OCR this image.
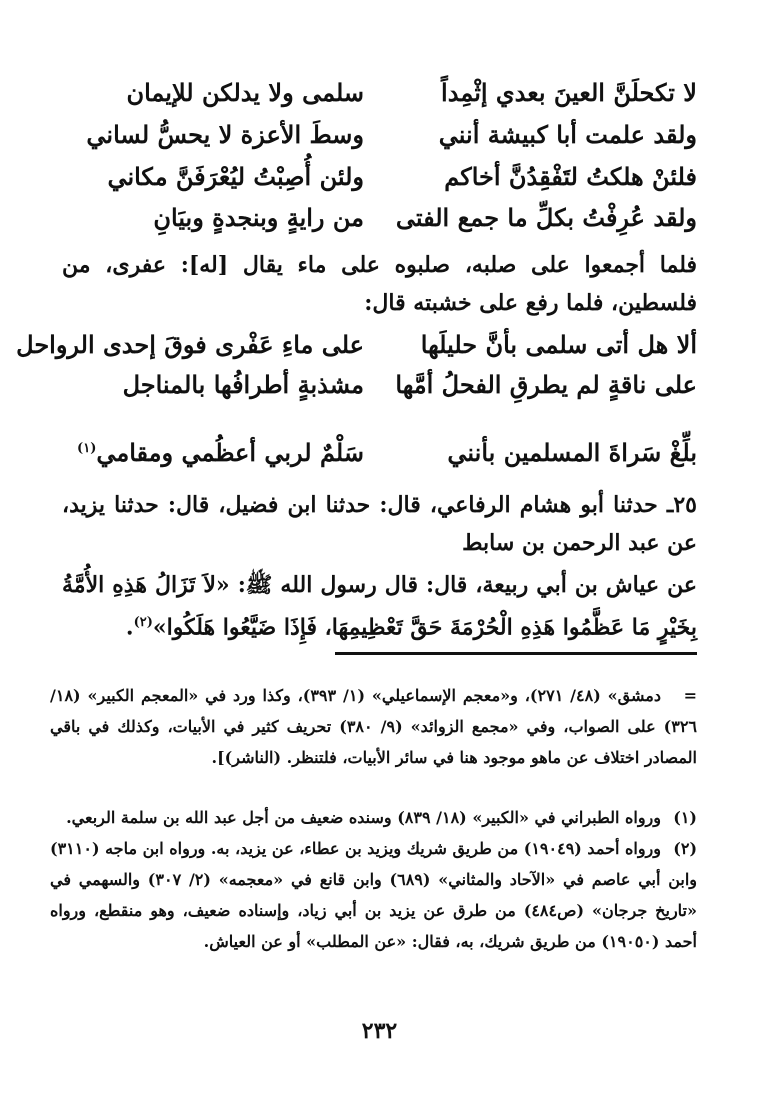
لا تكحلَنَّ العينَ بعدي إثْمِداً
سلمى ولا يدلكن للإيمان
ولقد علمت أبا كبيشة أنني
وسطَ الأعزة لا يحسُّ لساني
فلئنْ هلكتُ لتَفْقِدُنَّ أخاكم
ولئن أُصِبْتُ ليُعْرَفَنَّ مكاني
ولقد عُرِفْتُ بكلِّ ما جمع الفتى
من رايةٍ وبنجدةٍ وبيَانِ
فلما أجمعوا على صلبه، صلبوه على ماء يقال [له]: عفرى، من فلسطين، فلما رفع على خشبته قال:
ألا هل أتى سلمى بأنَّ حليلَها
على ماءِ عَفْرى فوقَ إحدى الرواحل
على ناقةٍ لم يطرقِ الفحلُ أمَّها
مشذبةٍ أطرافُها بالمناجل
بلِّغْ سَراةَ المسلمين بأنني
سَلْمٌ لربي أعظُمي ومقامي$^{(١)}$
٢٥ـ حدثنا أبو هشام الرفاعي، قال: حدثنا ابن فضيل، قال: حدثنا يزيد، عن عبد الرحمن بن سابط
عن عياش بن أبي ربيعة، قال: قال رسول الله ﷺ: «لاَ تَزَالُ هَذِهِ الأُمَّةُ بِخَيْرٍ مَا عَظَّمُوا هَذِهِ الْحُرْمَةَ حَقَّ تَعْظِيمِهَا، فَإِذَا ضَيَّعُوا هَلَكُوا»$^{(٢)}$.
=دمشق» (٤٨/ ٢٧١)، و«معجم الإسماعيلي» (١/ ٣٩٣)، وكذا ورد في «المعجم الكبير» (١٨/ ٣٢٦) على الصواب، وفي «مجمع الزوائد» (٩/ ٣٨٠) تحريف كثير في الأبيات، وكذلك في باقي المصادر اختلاف عن ماهو موجود هنا في سائر الأبيات، فلتنظر. (الناشر)].
(١)ورواه الطبراني في «الكبير» (١٨/ ٨٣٩) وسنده ضعيف من أجل عبد الله بن سلمة الربعي.
(٢)ورواه أحمد (١٩٠٤٩) من طريق شريك ويزيد بن عطاء، عن يزيد، به. ورواه ابن ماجه (٣١١٠) وابن أبي عاصم في «الآحاد والمثاني» (٦٨٩) وابن قانع في «معجمه» (٢/ ٣٠٧) والسهمي في «تاريخ جرجان» (ص٤٨٤) من طرق عن يزيد بن أبي زياد، وإسناده ضعيف، وهو منقطع، ورواه أحمد (١٩٠٥٠) من طريق شريك، به، فقال: «عن المطلب» أو عن العياش.
٢٣٢
